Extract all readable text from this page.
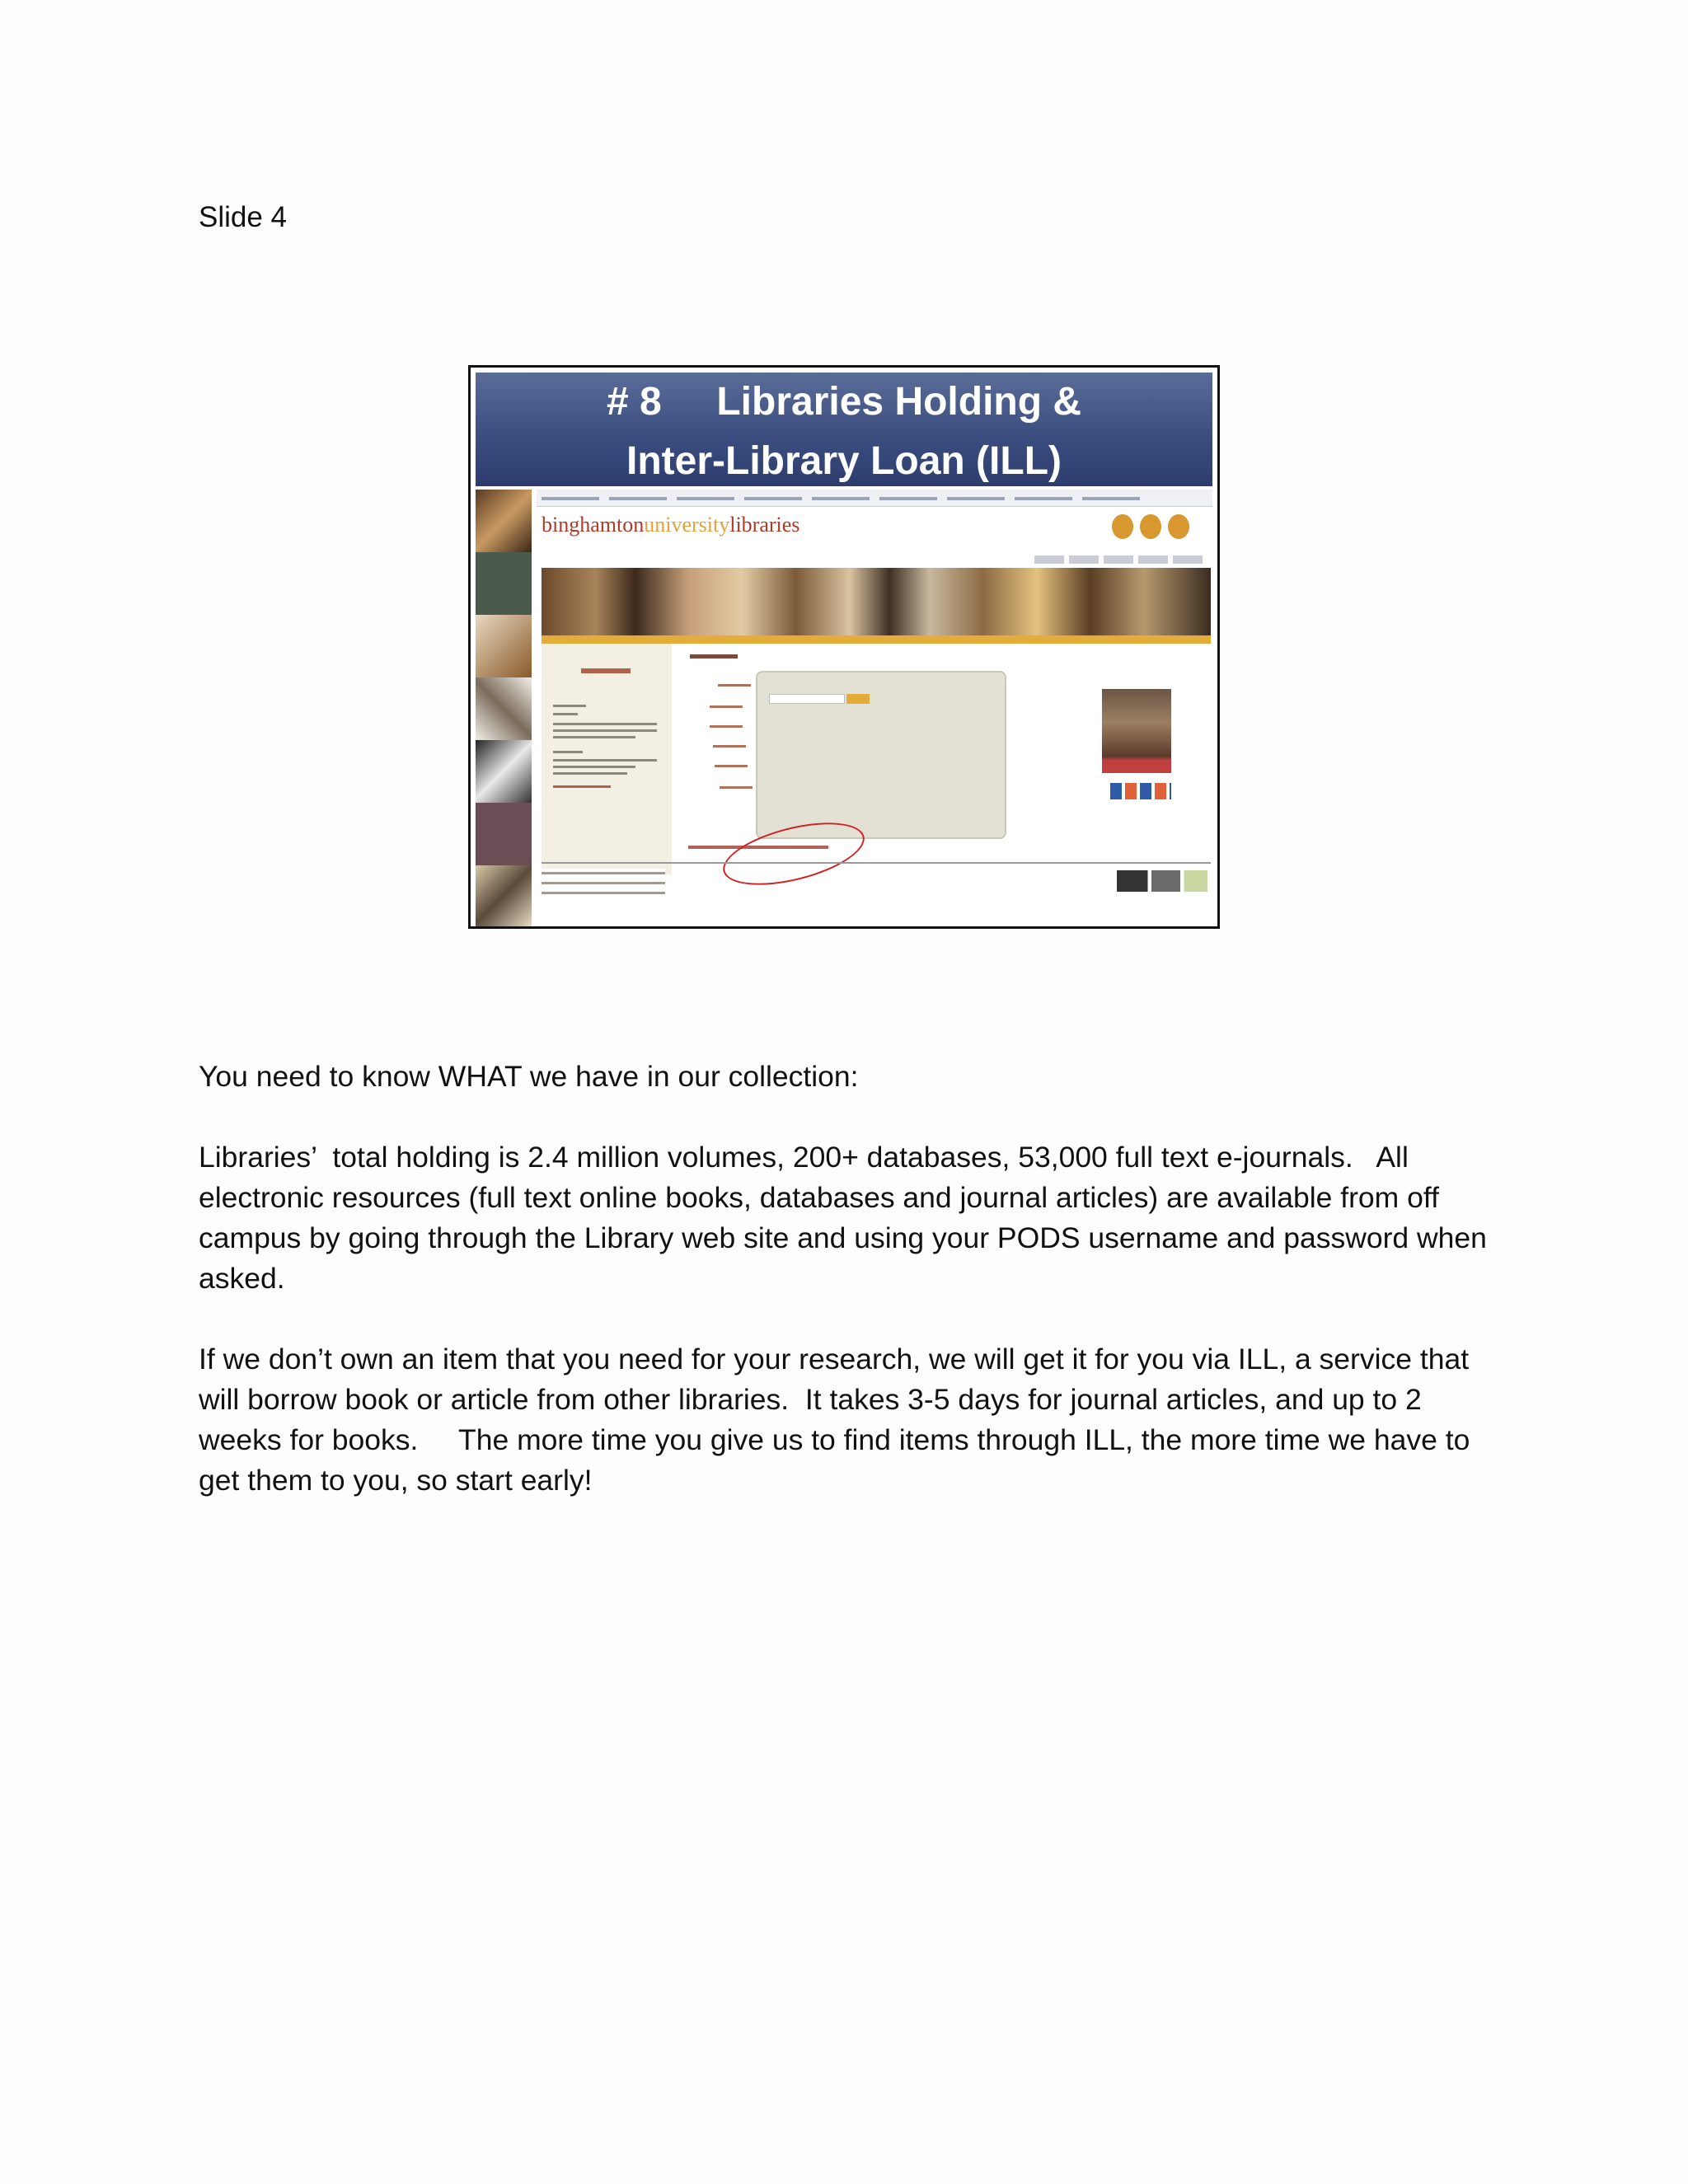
Slide 4
# 8     Libraries Holding &
Inter-Library Loan (ILL)
binghamtonuniversitylibraries

You need to know WHAT we have in our collection:

Libraries’  total holding is 2.4 million volumes, 200+ databases, 53,000 full text e-journals.   All electronic resources (full text online books, databases and journal articles) are available from off campus by going through the Library web site and using your PODS username and password when asked.

If we don’t own an item that you need for your research, we will get it for you via ILL, a service that will borrow book or article from other libraries.  It takes 3-5 days for journal articles, and up to 2 weeks for books.     The more time you give us to find items through ILL, the more time we have to get them to you, so start early!
